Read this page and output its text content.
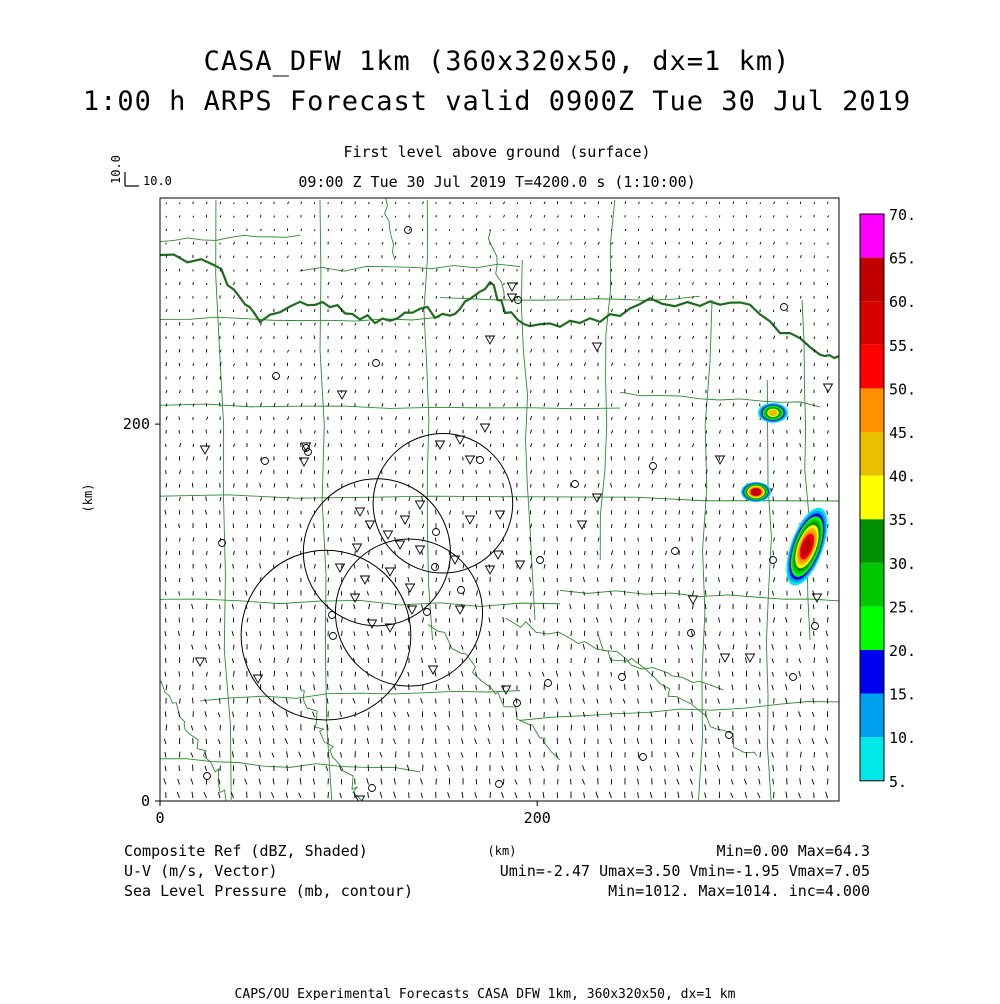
CASA_DFW 1km (360x320x50, dx=1 km)
1:00 h ARPS Forecast valid 0900Z Tue 30 Jul 2019
First level above ground (surface)
09:00 Z Tue 30 Jul 2019 T=4200.0 s (1:10:00)
10.0 10.0
0	200
0
200
(km)
(km)
5.
10.
15.
20.
25.
30.
35.
40.
45.
50.
55.
60.
65.
70.
Composite Ref (dBZ, Shaded)	Min=0.00 Max=64.3
U-V (m/s, Vector)	Umin=-2.47 Umax=3.50 Vmin=-1.95 Vmax=7.05
Sea Level Pressure (mb, contour)	Min=1012. Max=1014. inc=4.000
CAPS/OU Experimental Forecasts CASA DFW 1km, 360x320x50, dx=1 km
